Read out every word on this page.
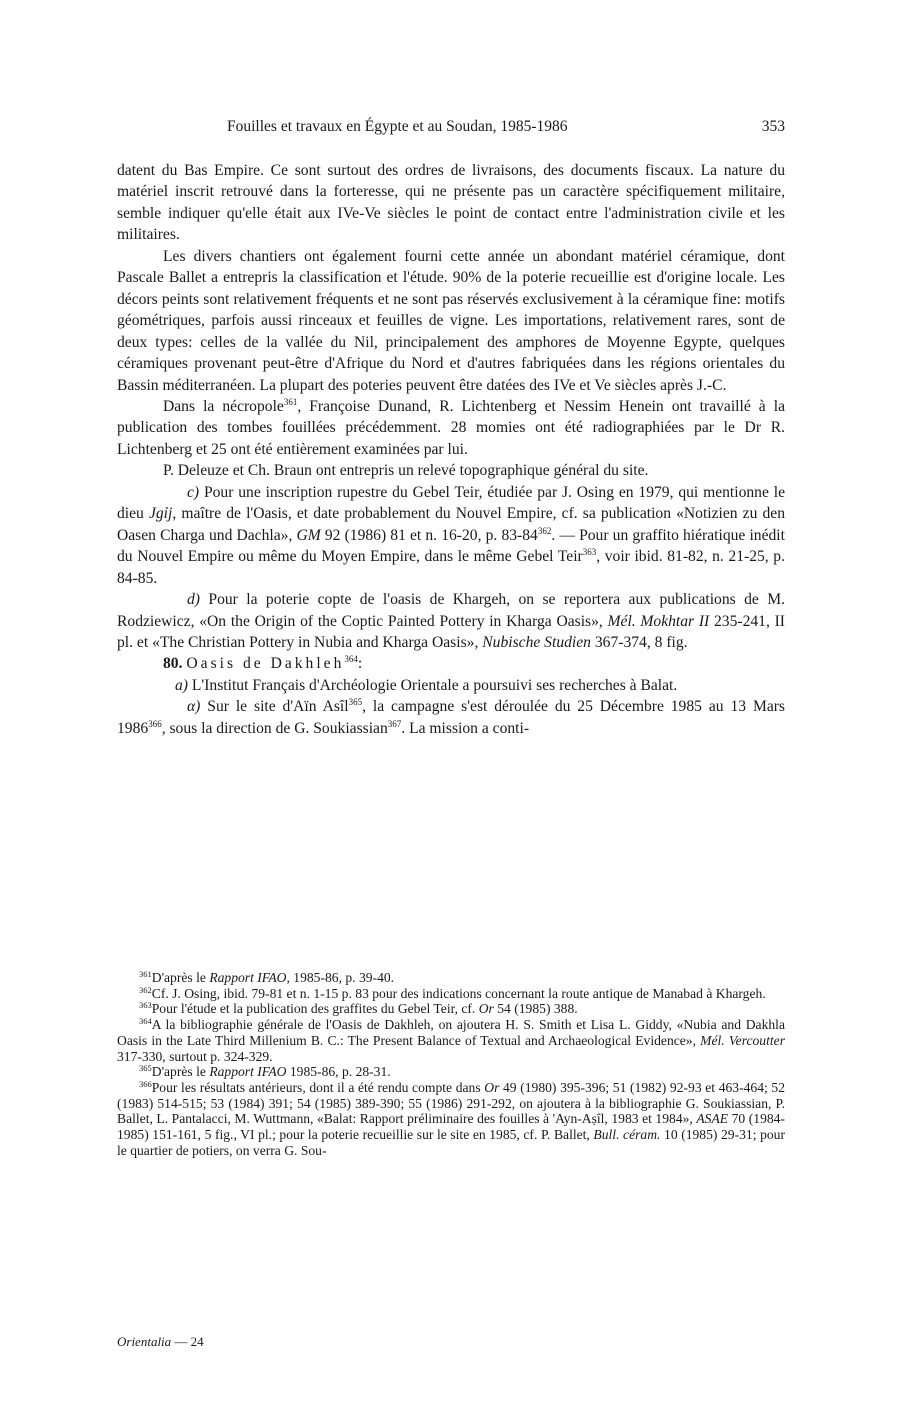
Fouilles et travaux en Égypte et au Soudan, 1985-1986	353

datent du Bas Empire. Ce sont surtout des ordres de livraisons, des documents fiscaux. La nature du matériel inscrit retrouvé dans la forteresse, qui ne présente pas un caractère spécifiquement militaire, semble indiquer qu'elle était aux IVe-Ve siècles le point de contact entre l'administration civile et les militaires.

Les divers chantiers ont également fourni cette année un abondant matériel céramique, dont Pascale Ballet a entrepris la classification et l'étude. 90% de la poterie recueillie est d'origine locale. Les décors peints sont relativement fréquents et ne sont pas réservés exclusivement à la céramique fine: motifs géométriques, parfois aussi rinceaux et feuilles de vigne. Les importations, relativement rares, sont de deux types: celles de la vallée du Nil, principalement des amphores de Moyenne Egypte, quelques céramiques provenant peut-être d'Afrique du Nord et d'autres fabriquées dans les régions orientales du Bassin méditerranéen. La plupart des poteries peuvent être datées des IVe et Ve siècles après J.-C.

Dans la nécropole$^{361}$, Françoise Dunand, R. Lichtenberg et Nessim Henein ont travaillé à la publication des tombes fouillées précédemment. 28 momies ont été radiographiées par le Dr R. Lichtenberg et 25 ont été entièrement examinées par lui.

P. Deleuze et Ch. Braun ont entrepris un relevé topographique général du site.

c) Pour une inscription rupestre du Gebel Teir, étudiée par J. Osing en 1979, qui mentionne le dieu Jgỉj, maître de l'Oasis, et date probablement du Nouvel Empire, cf. sa publication «Notizien zu den Oasen Charga und Dachla», GM 92 (1986) 81 et n. 16-20, p. $83-84^{362}$. — Pour un graffito hiératique inédit du Nouvel Empire ou même du Moyen Empire, dans le même Gebel Teir$^{363}$, voir ibid. 81-82, n. 21-25, p. 84-85.

d) Pour la poterie copte de l'oasis de Khargeh, on se reportera aux publications de M. Rodziewicz, «On the Origin of the Coptic Painted Pottery in Kharga Oasis», Mél. Mokhtar II 235-241, II pl. et «The Christian Pottery in Nubia and Kharga Oasis», Nubische Studien 367-374, 8 fig.

80. Oasis de Dakhleh$^{364}$:

a) L'Institut Français d'Archéologie Orientale a poursuivi ses recherches à Balat.

α) Sur le site d'Aïn Asîl$^{365}$, la campagne s'est déroulée du 25 Décembre 1985 au 13 Mars 1986$^{366}$, sous la direction de G. Soukiassian$^{367}$. La mission a conti-

$^{361}$D'après le Rapport IFAO, 1985-86, p. 39-40.

$^{362}$Cf. J. Osing, ibid. 79-81 et n. 1-15 p. 83 pour des indications concernant la route antique de Manabad à Khargeh.

$^{363}$Pour l'étude et la publication des graffites du Gebel Teir, cf. Or 54 (1985) 388.

$^{364}$A la bibliographie générale de l'Oasis de Dakhleh, on ajoutera H. S. Smith et Lisa L. Giddy, «Nubia and Dakhla Oasis in the Late Third Millenium B. C.: The Present Balance of Textual and Archaeological Evidence», Mél. Vercoutter 317-330, surtout p. 324-329.

$^{365}$D'après le Rapport IFAO 1985-86, p. 28-31.

$^{366}$Pour les résultats antérieurs, dont il a été rendu compte dans Or 49 (1980) 395-396; 51 (1982) 92-93 et 463-464; 52 (1983) 514-515; 53 (1984) 391; 54 (1985) 389-390; 55 (1986) 291-292, on ajoutera à la bibliographie G. Soukiassian, P. Ballet, L. Pantalacci, M. Wuttmann, «Balat: Rapport préliminaire des fouilles à 'Ayn-Aṣîl, 1983 et 1984», ASAE 70 (1984-1985) 151-161, 5 fig., VI pl.; pour la poterie recueillie sur le site en 1985, cf. P. Ballet, Bull. céram. 10 (1985) 29-31; pour le quartier de potiers, on verra G. Sou-

Orientalia — 24
